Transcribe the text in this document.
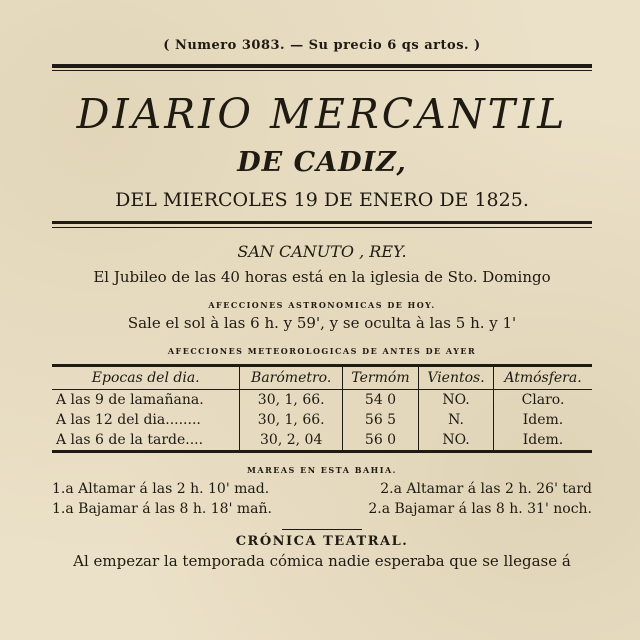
( Numero 3083. — Su precio 6 qs artos. )
DIARIO MERCANTIL
DE CADIZ,
DEL MIERCOLES 19 DE ENERO DE 1825.
SAN CANUTO , REY.
El Jubileo de las 40 horas está en la iglesia de Sto. Domingo
AFECCIONES ASTRONOMICAS DE HOY.
Sale el sol à las 6 h. y 59', y se oculta à las 5 h. y 1'
AFECCIONES METEOROLOGICAS DE ANTES DE AYER
Epocas del dia.	Barómetro.	Termóm	Vientos.	Atmósfera.
A las 9 de lamañana.	30, 1, 66.	54 0	NO.	Claro.
A las 12 del dia........	30, 1, 66.	56 5	N.	Idem.
A las 6 de la tarde....	30, 2, 04	56 0	NO.	Idem.
MAREAS EN ESTA BAHIA.
1.a Altamar á las 2 h. 10' mad.	2.a Altamar á las 2 h. 26' tard
1.a Bajamar á las 8 h. 18' mañ.	2.a Bajamar á las 8 h. 31' noch.
CRÓNICA TEATRAL.
Al empezar la temporada cómica nadie esperaba que se llegase á
